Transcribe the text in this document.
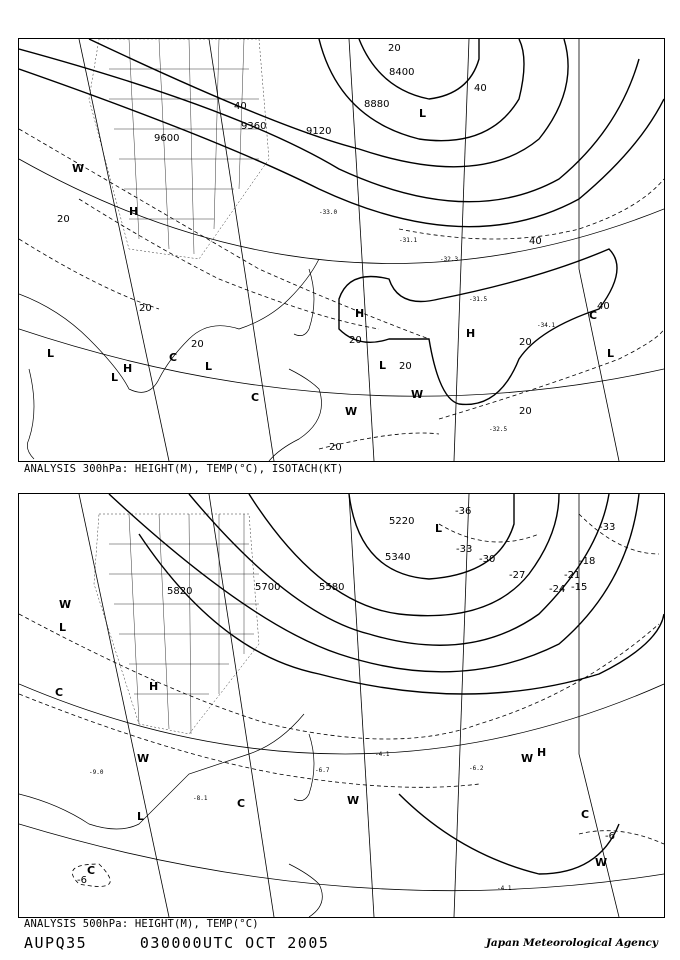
8400
8880
9120
9360
9600
20
20
20
20	20
20
20
40
40
40
40
20
20
W
H
L
L
C
L
H
H
L
W
W
H
C
L
C
L
-31.5
-32.3
-34.1
-31.1
-33.0
-32.5
ANALYSIS 300hPa: HEIGHT(M), TEMP(°C), ISOTACH(KT)
5820	5700	5580
5340
5220
-36
-33
-30
-27
-24
-21
-18
-15
-33
-6
-6
W
L
C	H
W
L
C	W
C
W H
C
W
L
-9.0
-4.1
-6.7
-8.1
-6.2
-4.1
ANALYSIS 500hPa: HEIGHT(M), TEMP(°C)
AUPQ35	030000UTC OCT 2005	Japan Meteorological Agency
